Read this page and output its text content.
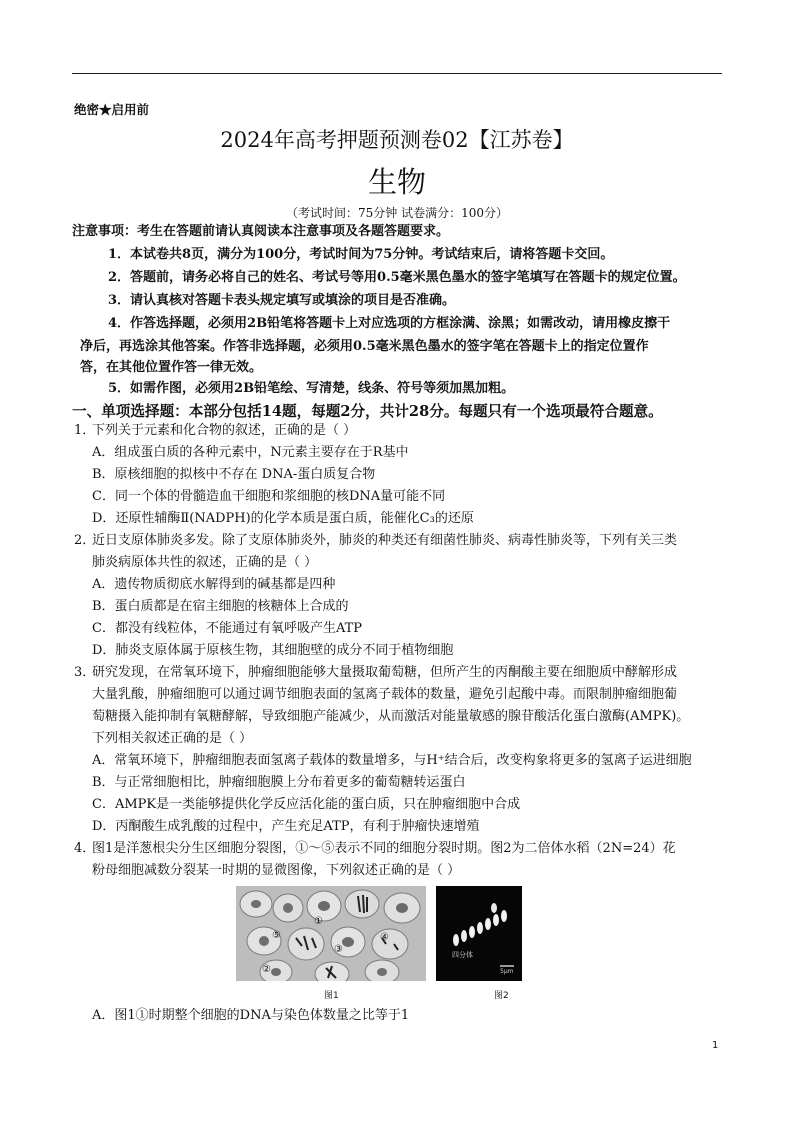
绝密★启用前
2024年高考押题预测卷02【江苏卷】
生物
（考试时间：75分钟 试卷满分：100分）
注意事项：考生在答题前请认真阅读本注意事项及各题答题要求。
1．本试卷共8页，满分为100分，考试时间为75分钟。考试结束后，请将答题卡交回。
2．答题前，请务必将自己的姓名、考试号等用0.5毫米黑色墨水的签字笔填写在答题卡的规定位置。
3．请认真核对答题卡表头规定填写或填涂的项目是否准确。
4．作答选择题，必须用2B铅笔将答题卡上对应选项的方框涂满、涂黑；如需改动，请用橡皮擦干
净后，再选涂其他答案。作答非选择题，必须用0.5毫米黑色墨水的签字笔在答题卡上的指定位置作
答，在其他位置作答一律无效。
5．如需作图，必须用2B铅笔绘、写清楚，线条、符号等须加黑加粗。
一、单项选择题：本部分包括14题，每题2分，共计28分。每题只有一个选项最符合题意。
1．
下列关于元素和化合物的叙述，正确的是（ ）
A．组成蛋白质的各种元素中，N元素主要存在于R基中
B．原核细胞的拟核中不存在 DNA-蛋白质复合物
C．同一个体的骨髓造血干细胞和浆细胞的核DNA量可能不同
D．还原性辅酶Ⅱ(NADPH)的化学本质是蛋白质，能催化C₃的还原
2．
近日支原体肺炎多发。除了支原体肺炎外，肺炎的种类还有细菌性肺炎、病毒性肺炎等，下列有关三类
肺炎病原体共性的叙述，正确的是（ ）
A．遗传物质彻底水解得到的碱基都是四种
B．蛋白质都是在宿主细胞的核糖体上合成的
C．都没有线粒体，不能通过有氧呼吸产生ATP
D．肺炎支原体属于原核生物，其细胞壁的成分不同于植物细胞
3．
研究发现，在常氧环境下，肿瘤细胞能够大量摄取葡萄糖，但所产生的丙酮酸主要在细胞质中酵解形成
大量乳酸，肿瘤细胞可以通过调节细胞表面的氢离子载体的数量，避免引起酸中毒。而限制肿瘤细胞葡
萄糖摄入能抑制有氧糖酵解，导致细胞产能减少，从而激活对能量敏感的腺苷酸活化蛋白激酶(AMPK)。
下列相关叙述正确的是（ ）
A．常氧环境下，肿瘤细胞表面氢离子载体的数量增多，与H⁺结合后，改变构象将更多的氢离子运进细胞
B．与正常细胞相比，肿瘤细胞膜上分布着更多的葡萄糖转运蛋白
C．AMPK是一类能够提供化学反应活化能的蛋白质，只在肿瘤细胞中合成
D．丙酮酸生成乳酸的过程中，产生充足ATP，有利于肿瘤快速增殖
4．
图1是洋葱根尖分生区细胞分裂图，①～⑤表示不同的细胞分裂时期。图2为二倍体水稻（2N=24）花
粉母细胞减数分裂某一时期的显微图像，下列叙述正确的是（ ）
①
②
③
④
⑤
四分体
5μm
图1	图2
A．图1①时期整个细胞的DNA与染色体数量之比等于1
1
